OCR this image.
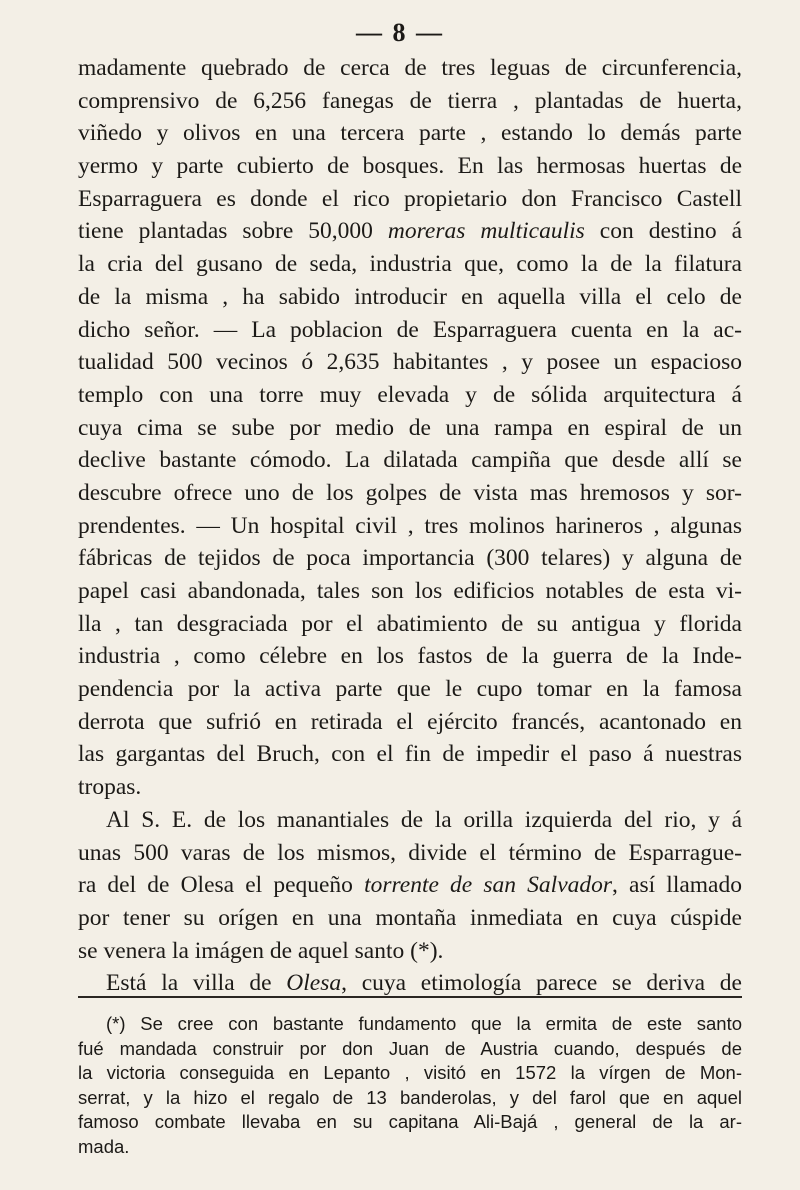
— 8 —
madamente quebrado de cerca de tres leguas de circunferencia,
comprensivo de 6,256 fanegas de tierra , plantadas de huerta,
viñedo y olivos en una tercera parte , estando lo demás parte
yermo y parte cubierto de bosques. En las hermosas huertas de
Esparraguera es donde el rico propietario don Francisco Castell
tiene plantadas sobre 50,000 moreras multicaulis con destino á
la cria del gusano de seda, industria que, como la de la filatura
de la misma , ha sabido introducir en aquella villa el celo de
dicho señor. — La poblacion de Esparraguera cuenta en la ac-
tualidad 500 vecinos ó 2,635 habitantes , y posee un espacioso
templo con una torre muy elevada y de sólida arquitectura á
cuya cima se sube por medio de una rampa en espiral de un
declive bastante cómodo. La dilatada campiña que desde allí se
descubre ofrece uno de los golpes de vista mas hremosos y sor-
prendentes. — Un hospital civil , tres molinos harineros , algunas
fábricas de tejidos de poca importancia (300 telares) y alguna de
papel casi abandonada, tales son los edificios notables de esta vi-
lla , tan desgraciada por el abatimiento de su antigua y florida
industria , como célebre en los fastos de la guerra de la Inde-
pendencia por la activa parte que le cupo tomar en la famosa
derrota que sufrió en retirada el ejército francés, acantonado en
las gargantas del Bruch, con el fin de impedir el paso á nuestras
tropas.
Al S. E. de los manantiales de la orilla izquierda del rio, y á
unas 500 varas de los mismos, divide el término de Esparrague-
ra del de Olesa el pequeño torrente de san Salvador, así llamado
por tener su orígen en una montaña inmediata en cuya cúspide
se venera la imágen de aquel santo (*).
Está la villa de Olesa, cuya etimología parece se deriva de
(*) Se cree con bastante fundamento que la ermita de este santo
fué mandada construir por don Juan de Austria cuando, después de
la victoria conseguida en Lepanto , visitó en 1572 la vírgen de Mon-
serrat, y la hizo el regalo de 13 banderolas, y del farol que en aquel
famoso combate llevaba en su capitana Ali-Bajá , general de la ar-
mada.
